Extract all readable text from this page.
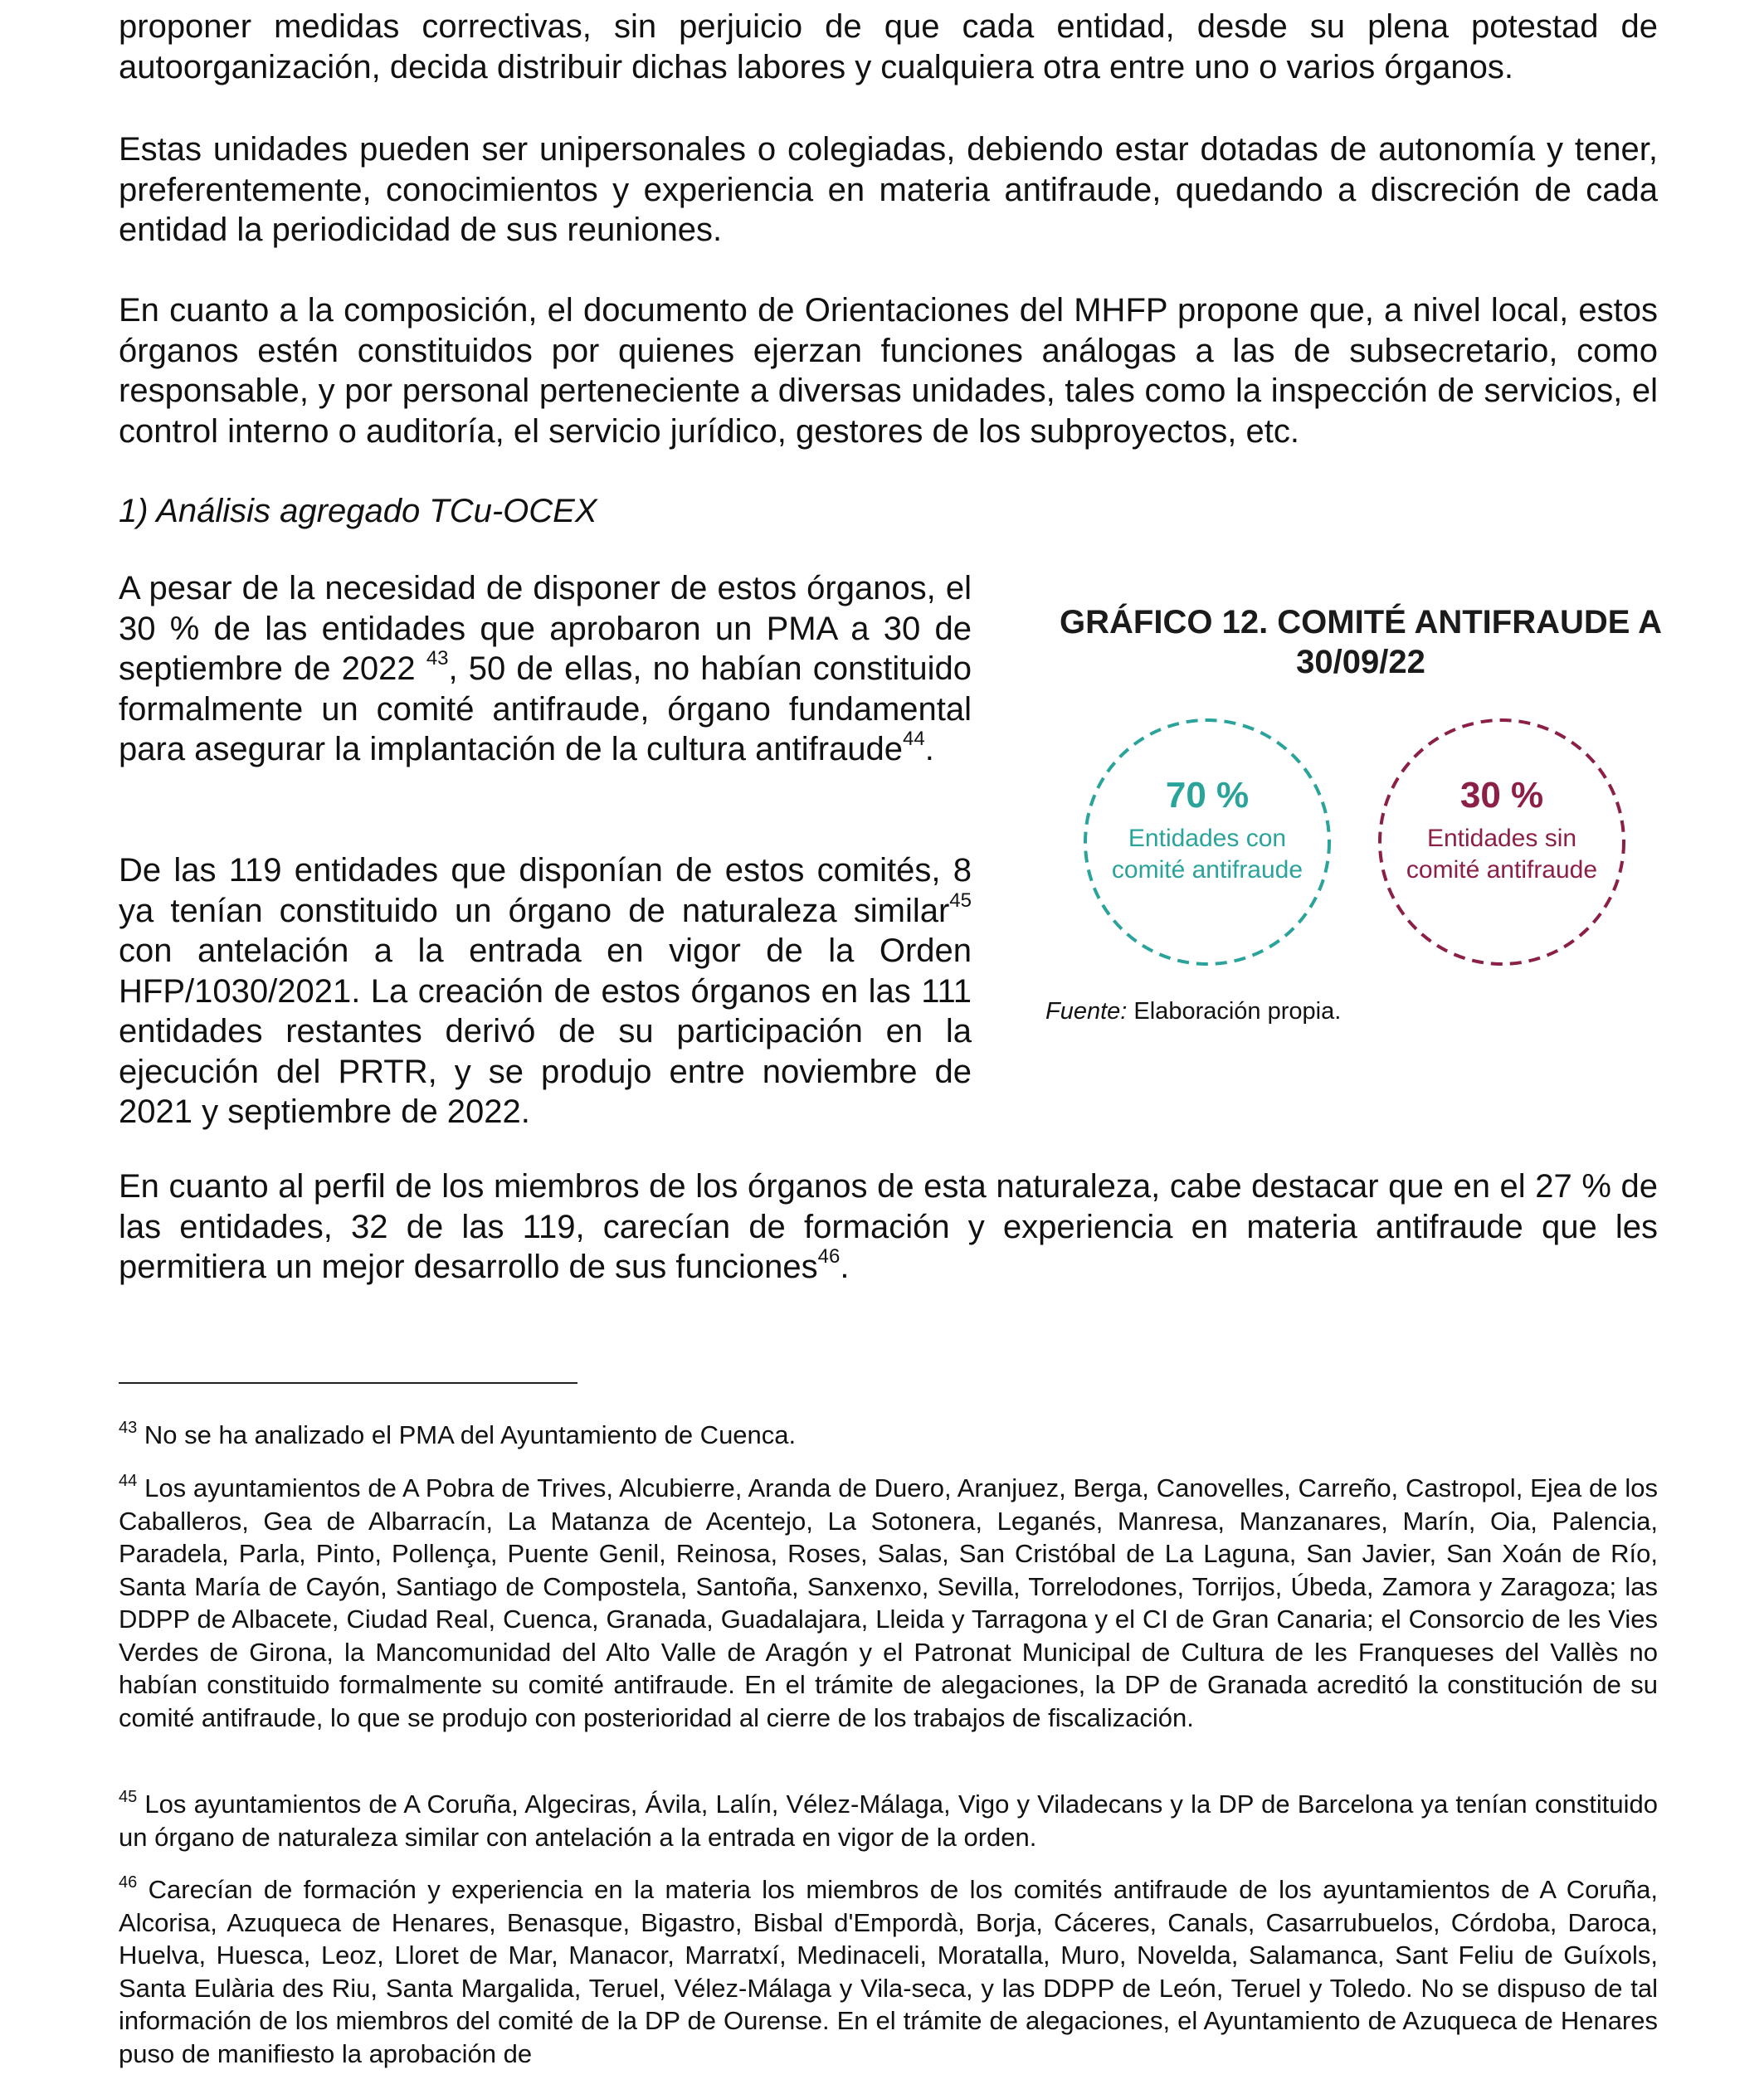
proponer medidas correctivas, sin perjuicio de que cada entidad, desde su plena potestad de autoorganización, decida distribuir dichas labores y cualquiera otra entre uno o varios órganos.

Estas unidades pueden ser unipersonales o colegiadas, debiendo estar dotadas de autonomía y tener, preferentemente, conocimientos y experiencia en materia antifraude, quedando a discreción de cada entidad la periodicidad de sus reuniones.

En cuanto a la composición, el documento de Orientaciones del MHFP propone que, a nivel local, estos órganos estén constituidos por quienes ejerzan funciones análogas a las de subsecretario, como responsable, y por personal perteneciente a diversas unidades, tales como la inspección de servicios, el control interno o auditoría, el servicio jurídico, gestores de los subproyectos, etc.

1) Análisis agregado TCu-OCEX

A pesar de la necesidad de disponer de estos órganos, el 30 % de las entidades que aprobaron un PMA a 30 de septiembre de 2022 $^{43}$, 50 de ellas, no habían constituido formalmente un comité antifraude, órgano fundamental para asegurar la implantación de la cultura antifraude$^{44}$.

De las 119 entidades que disponían de estos comités, 8 ya tenían constituido un órgano de naturaleza similar$^{45}$ con antelación a la entrada en vigor de la Orden HFP/1030/2021. La creación de estos órganos en las 111 entidades restantes derivó de su participación en la ejecución del PRTR, y se produjo entre noviembre de 2021 y septiembre de 2022.

GRÁFICO 12. COMITÉ ANTIFRAUDE A 30/09/22

70 %
Entidades con
comité antifraude
30 %
Entidades sin
comité antifraude

Fuente: Elaboración propia.

En cuanto al perfil de los miembros de los órganos de esta naturaleza, cabe destacar que en el 27 % de las entidades, 32 de las 119, carecían de formación y experiencia en materia antifraude que les permitiera un mejor desarrollo de sus funciones$^{46}$.

$^{43}$ No se ha analizado el PMA del Ayuntamiento de Cuenca.

$^{44}$ Los ayuntamientos de A Pobra de Trives, Alcubierre, Aranda de Duero, Aranjuez, Berga, Canovelles, Carreño, Castropol, Ejea de los Caballeros, Gea de Albarracín, La Matanza de Acentejo, La Sotonera, Leganés, Manresa, Manzanares, Marín, Oia, Palencia, Paradela, Parla, Pinto, Pollença, Puente Genil, Reinosa, Roses, Salas, San Cristóbal de La Laguna, San Javier, San Xoán de Río, Santa María de Cayón, Santiago de Compostela, Santoña, Sanxenxo, Sevilla, Torrelodones, Torrijos, Úbeda, Zamora y Zaragoza; las DDPP de Albacete, Ciudad Real, Cuenca, Granada, Guadalajara, Lleida y Tarragona y el CI de Gran Canaria; el Consorcio de les Vies Verdes de Girona, la Mancomunidad del Alto Valle de Aragón y el Patronat Municipal de Cultura de les Franqueses del Vallès no habían constituido formalmente su comité antifraude. En el trámite de alegaciones, la DP de Granada acreditó la constitución de su comité antifraude, lo que se produjo con posterioridad al cierre de los trabajos de fiscalización.

$^{45}$ Los ayuntamientos de A Coruña, Algeciras, Ávila, Lalín, Vélez-Málaga, Vigo y Viladecans y la DP de Barcelona ya tenían constituido un órgano de naturaleza similar con antelación a la entrada en vigor de la orden.

$^{46}$ Carecían de formación y experiencia en la materia los miembros de los comités antifraude de los ayuntamientos de A Coruña, Alcorisa, Azuqueca de Henares, Benasque, Bigastro, Bisbal d'Empordà, Borja, Cáceres, Canals, Casarrubuelos, Córdoba, Daroca, Huelva, Huesca, Leoz, Lloret de Mar, Manacor, Marratxí, Medinaceli, Moratalla, Muro, Novelda, Salamanca, Sant Feliu de Guíxols, Santa Eulària des Riu, Santa Margalida, Teruel, Vélez-Málaga y Vila-seca, y las DDPP de León, Teruel y Toledo. No se dispuso de tal información de los miembros del comité de la DP de Ourense. En el trámite de alegaciones, el Ayuntamiento de Azuqueca de Henares puso de manifiesto la aprobación de
